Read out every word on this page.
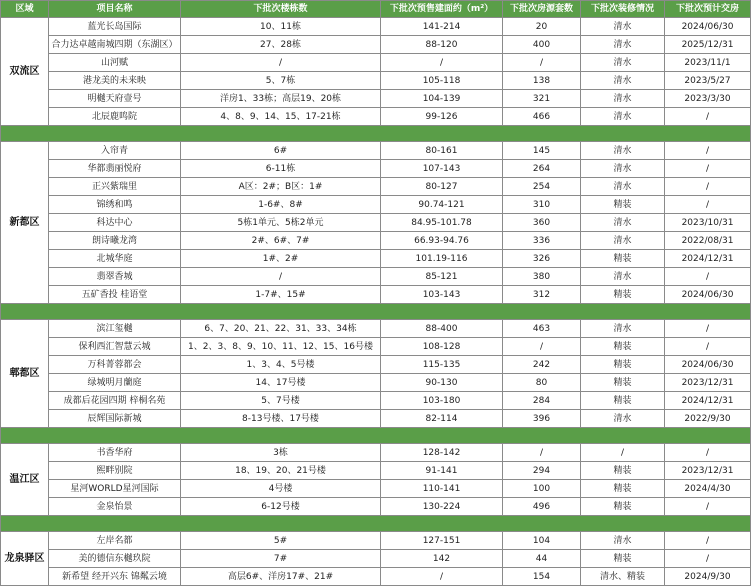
区域	项目名称	下批次楼栋数	下批次预售建面约（m²）	下批次房源套数	下批次装修情况	下批次预计交房
双流区	蓝光长岛国际	10、11栋	141-214	20	清水	2024/06/30
	合力达卓越南城四期（东湖区）	27、28栋	88-120	400	清水	2025/12/31
	山河赋	/	/	/	清水	2023/11/1
	港龙美的未来映	5、7栋	105-118	138	清水	2023/5/27
	明樾天府壹号	洋房1、33栋；高层19、20栋	104-139	321	清水	2023/3/30
	北辰鹿鸣院	4、8、9、14、15、17-21栋	99-126	466	清水	/

新都区	入帘青	6#	80-161	145	清水	/
	华都翡丽悦府	6-11栋	107-143	264	清水	/
	正兴紫瑞里	A区：2#；B区：1#	80-127	254	清水	/
	锦绣和鸣	1-6#、8#	90.74-121	310	精装	/
	科达中心	5栋1单元、5栋2单元	84.95-101.78	360	清水	2023/10/31
	朗诗曦龙湾	2#、6#、7#	66.93-94.76	336	清水	2022/08/31
	北城华庭	1#、2#	101.19-116	326	精装	2024/12/31
	翡翠香城	/	85-121	380	清水	/
	五矿香投 桂语堂	1-7#、15#	103-143	312	精装	2024/06/30

郫都区	滨江玺樾	6、7、20、21、22、31、33、34栋	88-400	463	清水	/
	保利西汇智慧云城	1、2、3、8、9、10、11、12、15、16号楼	108-128	/	精装	/
	万科菁蓉都会	1、3、4、5号楼	115-135	242	精装	2024/06/30
	绿城明月蘭庭	14、17号楼	90-130	80	精装	2023/12/31
	成都后花园四期 梓桐名苑	5、7号楼	103-180	284	精装	2024/12/31
	辰辉国际新城	8-13号楼、17号楼	82-114	396	清水	2022/9/30

温江区	书香华府	3栋	128-142	/	/	/
	熙畔别院	18、19、20、21号楼	91-141	294	精装	2023/12/31
	星河WORLD星河国际	4号楼	110-141	100	精装	2024/4/30
	金泉怡景	6-12号楼	130-224	496	精装	/

龙泉驿区	左岸名都	5#	127-151	104	清水	/
	美的德信东樾玖院	7#	142	44	精装	/
	新希望 经开兴东 锦粼云境	高层6#、洋房17#、21#	/	154	清水、精装	2024/9/30
